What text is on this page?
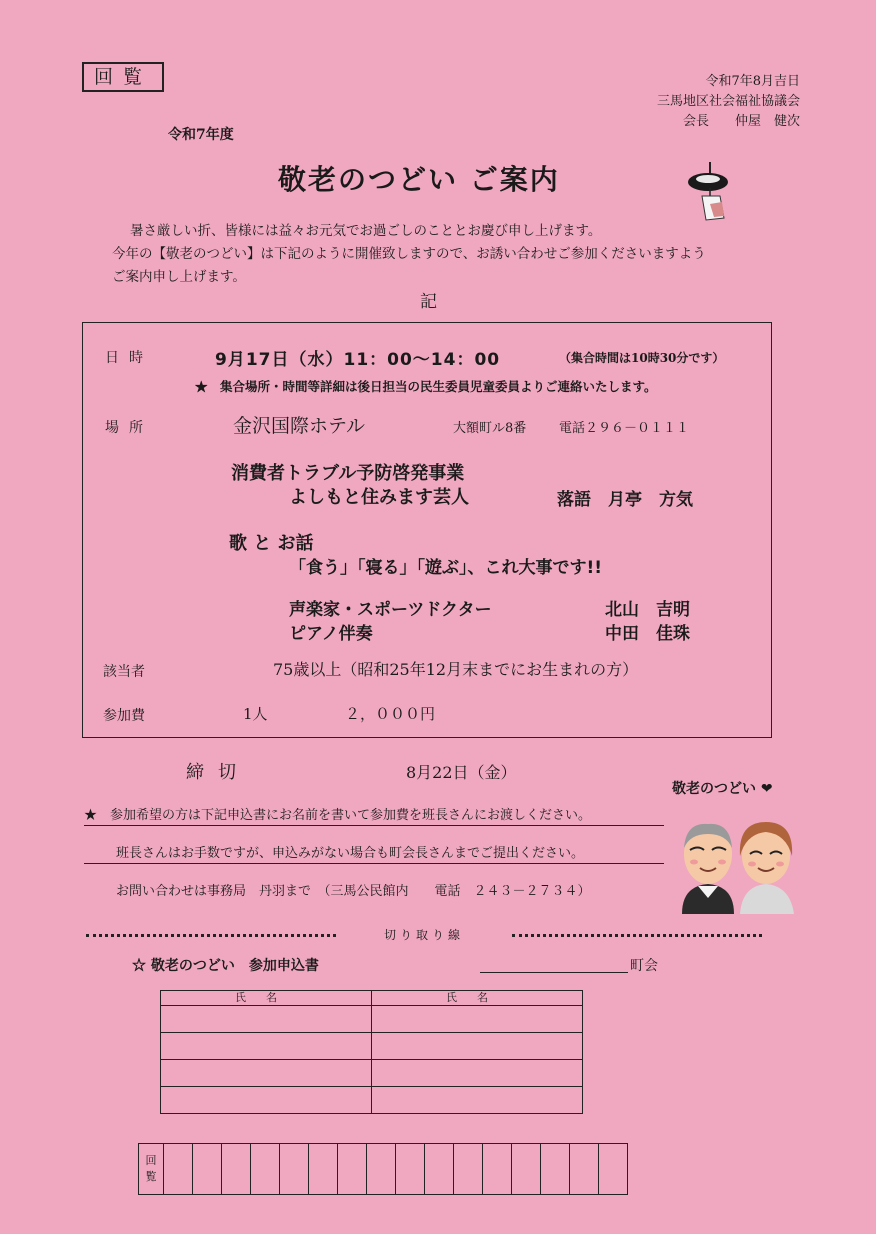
回覧	令和7年8月吉日
三馬地区社会福祉協議会
会長　　仲屋　健次
令和7年度
敬老のつどい ご案内
暑さ厳しい折、皆様には益々お元気でお過ごしのこととお慶び申し上げます。
今年の【敬老のつどい】は下記のように開催致しますので、お誘い合わせご参加くださいますよう
ご案内申し上げます。
記
日時	9月17日（水）11：00～14：00	（集合時間は10時30分です）
★　集合場所・時間等詳細は後日担当の民生委員児童委員よりご連絡いたします。
場所	金沢国際ホテル	大額町ル8番	電話２９６－０１１１
消費者トラブル予防啓発事業
よしもと住みます芸人	落語　月亭　方気
歌 と お話
「食う」「寝る」「遊ぶ」、これ大事です!!
声楽家・スポーツドクター	北山　吉明
ピアノ伴奏	中田　佳珠
該当者	75歳以上（昭和25年12月末までにお生まれの方）
参加費	1人	２，０００円
締切	8月22日（金）
敬老のつどい ❤
★　参加希望の方は下記申込書にお名前を書いて参加費を班長さんにお渡しください。
班長さんはお手数ですが、申込みがない場合も町会長さんまでご提出ください。
お問い合わせは事務局　丹羽まで　（三馬公民館内　　電話　２４３－２７３４）
切り取り線
☆ 敬老のつどい　参加申込書	町会
氏名	氏名

回覧																
